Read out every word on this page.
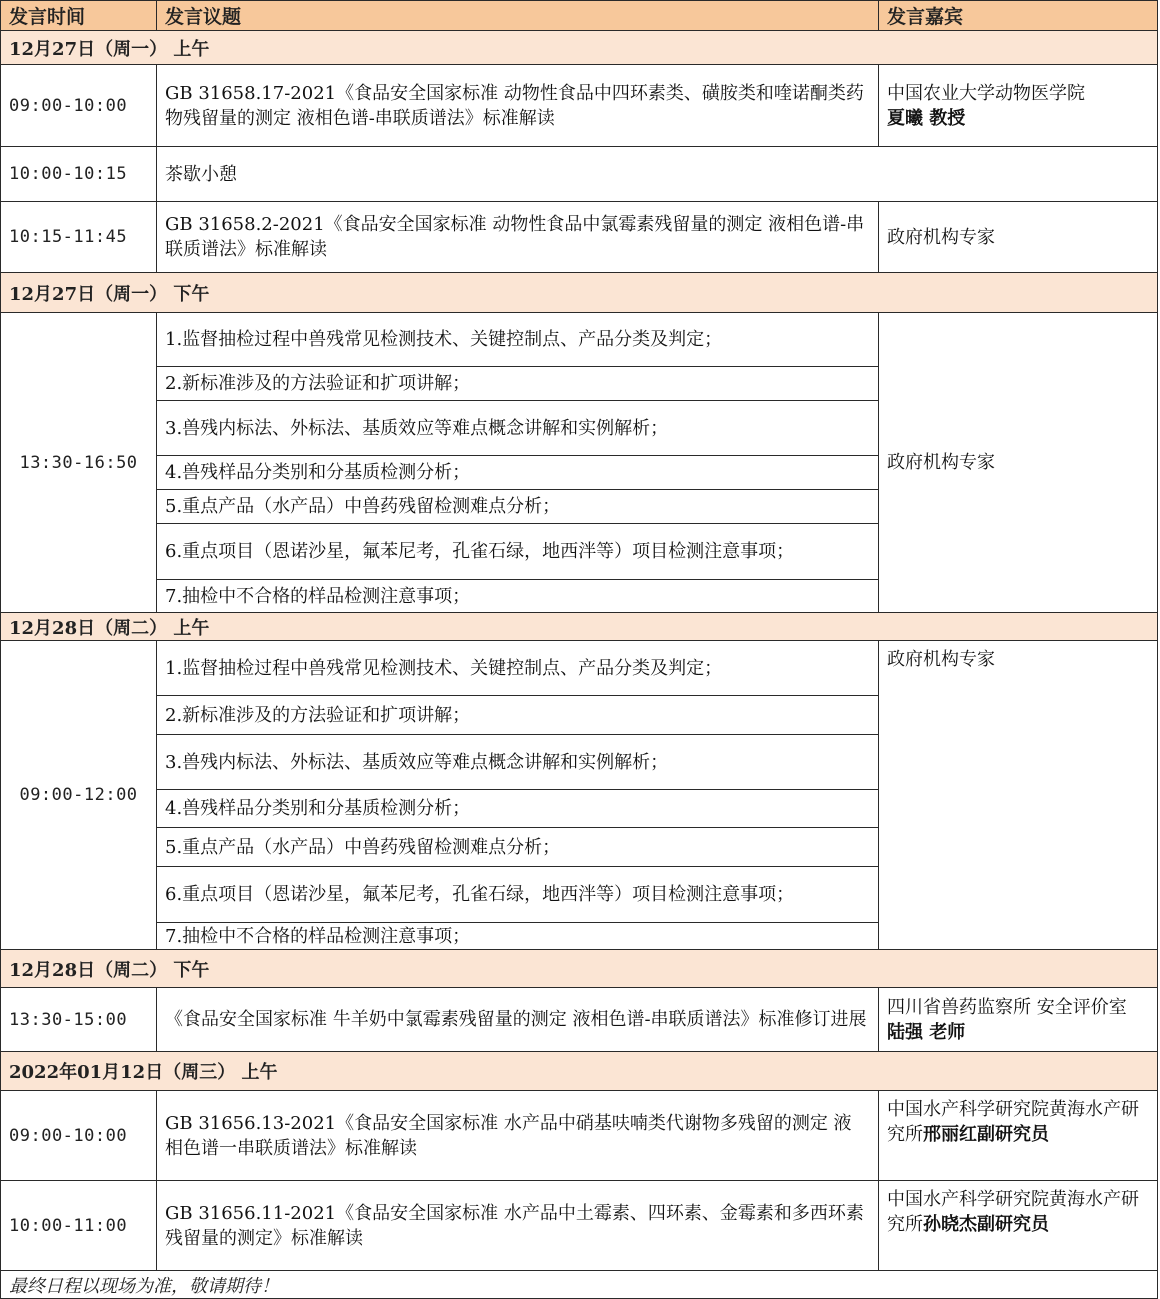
发言时间	发言议题	发言嘉宾
12月27日（周一） 上午
09:00-10:00
GB 31658.17-2021《食品安全国家标准 动物性食品中四环素类、磺胺类和喹诺酮类药物残留量的测定 液相色谱-串联质谱法》标准解读
中国农业大学动物医学院
夏曦 教授
10:00-10:15 茶歇小憩
10:15-11:45
GB 31658.2-2021《食品安全国家标准 动物性食品中氯霉素残留量的测定 液相色谱-串联质谱法》标准解读
政府机构专家
12月27日（周一） 下午
13:30-16:50
1.监督抽检过程中兽残常见检测技术、关键控制点、产品分类及判定；
2.新标准涉及的方法验证和扩项讲解；
3.兽残内标法、外标法、基质效应等难点概念讲解和实例解析；
4.兽残样品分类别和分基质检测分析；
5.重点产品（水产品）中兽药残留检测难点分析；
6.重点项目（恩诺沙星，氟苯尼考，孔雀石绿，地西泮等）项目检测注意事项；
7.抽检中不合格的样品检测注意事项；
政府机构专家
12月28日（周二） 上午
09:00-12:00
1.监督抽检过程中兽残常见检测技术、关键控制点、产品分类及判定；
2.新标准涉及的方法验证和扩项讲解；
3.兽残内标法、外标法、基质效应等难点概念讲解和实例解析；
4.兽残样品分类别和分基质检测分析；
5.重点产品（水产品）中兽药残留检测难点分析；
6.重点项目（恩诺沙星，氟苯尼考，孔雀石绿，地西泮等）项目检测注意事项；
7.抽检中不合格的样品检测注意事项；
政府机构专家
12月28日（周二） 下午
13:30-15:00 《食品安全国家标准 牛羊奶中氯霉素残留量的测定 液相色谱-串联质谱法》标准修订进展
四川省兽药监察所 安全评价室 陆强 老师
2022年01月12日（周三） 上午
09:00-10:00
GB 31656.13-2021《食品安全国家标准 水产品中硝基呋喃类代谢物多残留的测定 液相色谱一串联质谱法》标准解读
中国水产科学研究院黄海水产研究所邢丽红副研究员
10:00-11:00
GB 31656.11-2021《食品安全国家标准 水产品中土霉素、四环素、金霉素和多西环素残留量的测定》标准解读
中国水产科学研究院黄海水产研究所孙晓杰副研究员
最终日程以现场为准，敬请期待！
